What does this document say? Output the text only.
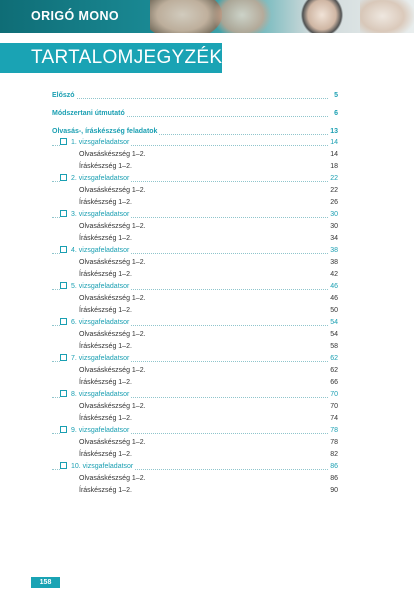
ORIGÓ MONO
TARTALOMJEGYZÉK
Előszó	5
Módszertani útmutató	6
Olvasás-, íráskészség feladatok	13
1. vizsgafeladatsor	14
Olvasáskészség 1–2.	14
Íráskészség 1–2.	18
2. vizsgafeladatsor	22
Olvasáskészség 1–2.	22
Íráskészség 1–2.	26
3. vizsgafeladatsor	30
Olvasáskészség 1–2.	30
Íráskészség 1–2.	34
4. vizsgafeladatsor	38
Olvasáskészség 1–2.	38
Íráskészség 1–2.	42
5. vizsgafeladatsor	46
Olvasáskészség 1–2.	46
Íráskészség 1–2.	50
6. vizsgafeladatsor	54
Olvasáskészség 1–2.	54
Íráskészség 1–2.	58
7. vizsgafeladatsor	62
Olvasáskészség 1–2.	62
Íráskészség 1–2.	66
8. vizsgafeladatsor	70
Olvasáskészség 1–2.	70
Íráskészség 1–2.	74
9. vizsgafeladatsor	78
Olvasáskészség 1–2.	78
Íráskészség 1–2.	82
10. vizsgafeladatsor	86
Olvasáskészség 1–2.	86
Íráskészség 1–2.	90
158
